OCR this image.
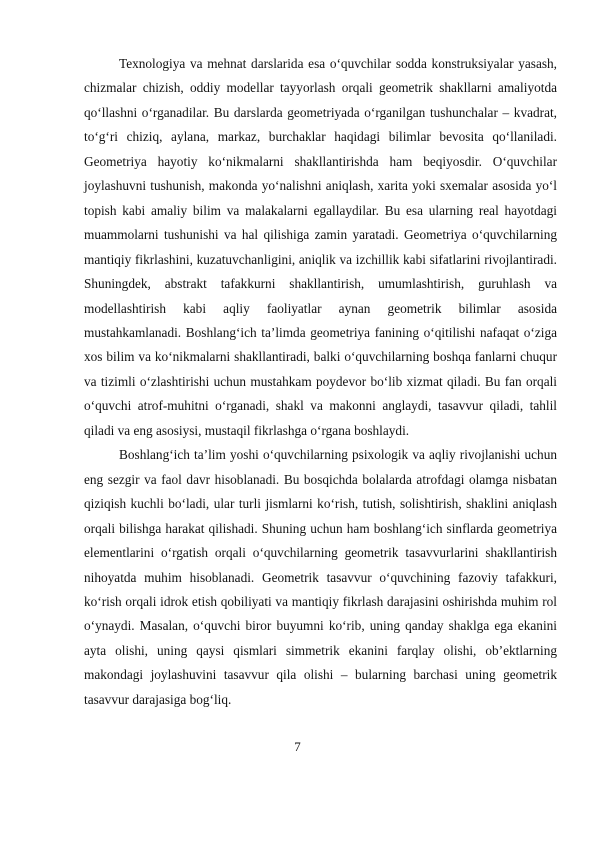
Texnologiya va mehnat darslarida esa o‘quvchilar sodda konstruksiyalar yasash, chizmalar chizish, oddiy modellar tayyorlash orqali geometrik shakllarni amaliyotda qo‘llashni o‘rganadilar. Bu darslarda geometriyada o‘rganilgan tushunchalar – kvadrat, to‘g‘ri chiziq, aylana, markaz, burchaklar haqidagi bilimlar bevosita qo‘llaniladi. Geometriya hayotiy ko‘nikmalarni shakllantirishda ham beqiyosdir. O‘quvchilar joylashuvni tushunish, makonda yo‘nalishni aniqlash, xarita yoki sxemalar asosida yo‘l topish kabi amaliy bilim va malakalarni egallaydilar. Bu esa ularning real hayotdagi muammolarni tushunishi va hal qilishiga zamin yaratadi. Geometriya o‘quvchilarning mantiqiy fikrlashini, kuzatuvchanligini, aniqlik va izchillik kabi sifatlarini rivojlantiradi. Shuningdek, abstrakt tafakkurni shakllantirish, umumlashtirish, guruhlash va modellashtirish kabi aqliy faoliyatlar aynan geometrik bilimlar asosida mustahkamlanadi. Boshlang‘ich ta’limda geometriya fanining o‘qitilishi nafaqat o‘ziga xos bilim va ko‘nikmalarni shakllantiradi, balki o‘quvchilarning boshqa fanlarni chuqur va tizimli o‘zlashtirishi uchun mustahkam poydevor bo‘lib xizmat qiladi. Bu fan orqali o‘quvchi atrof-muhitni o‘rganadi, shakl va makonni anglaydi, tasavvur qiladi, tahlil qiladi va eng asosiysi, mustaqil fikrlashga o‘rgana boshlaydi.

Boshlang‘ich ta’lim yoshi o‘quvchilarning psixologik va aqliy rivojlanishi uchun eng sezgir va faol davr hisoblanadi. Bu bosqichda bolalarda atrofdagi olamga nisbatan qiziqish kuchli bo‘ladi, ular turli jismlarni ko‘rish, tutish, solishtirish, shaklini aniqlash orqali bilishga harakat qilishadi. Shuning uchun ham boshlang‘ich sinflarda geometriya elementlarini o‘rgatish orqali o‘quvchilarning geometrik tasavvurlarini shakllantirish nihoyatda muhim hisoblanadi. Geometrik tasavvur o‘quvchining fazoviy tafakkuri, ko‘rish orqali idrok etish qobiliyati va mantiqiy fikrlash darajasini oshirishda muhim rol o‘ynaydi. Masalan, o‘quvchi biror buyumni ko‘rib, uning qanday shaklga ega ekanini ayta olishi, uning qaysi qismlari simmetrik ekanini farqlay olishi, ob’ektlarning makondagi joylashuvini tasavvur qila olishi – bularning barchasi uning geometrik tasavvur darajasiga bog‘liq.

7
